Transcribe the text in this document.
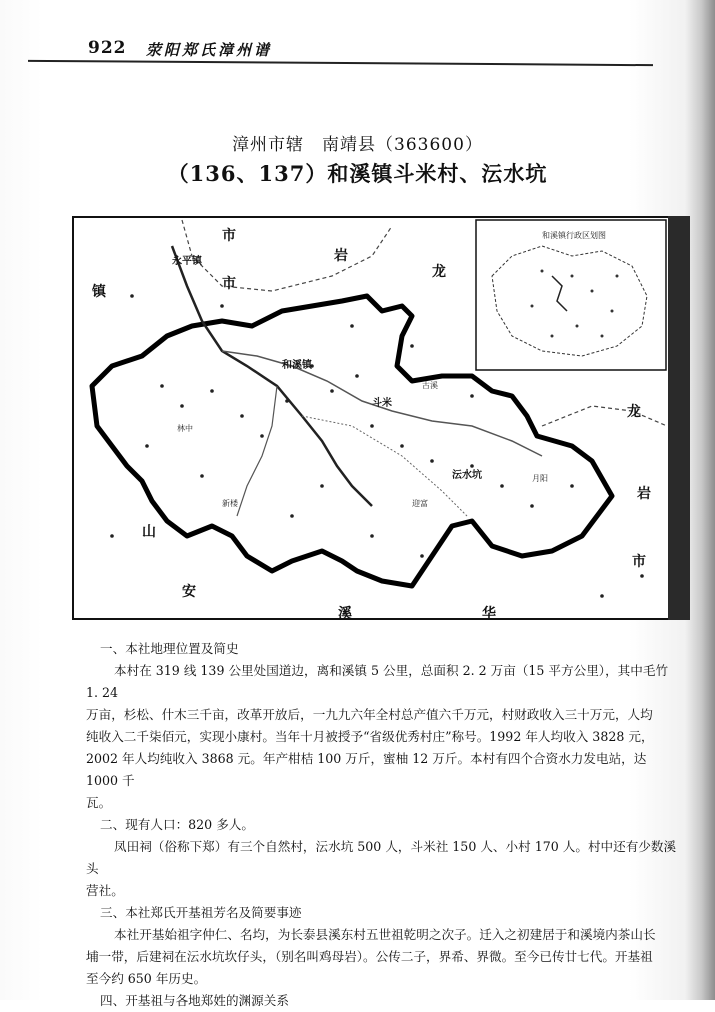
922 荥阳郑氏漳州谱
漳州市辖　南靖县（363600）
（136、137）和溪镇斗米村、沄水坑
和溪镇行政区划图
市
永平镇
镇
山
岩
龙
市
龙
岩
市
安
溪	华
和溪镇
斗米
沄水坑
古溪
林中
月阳
新楼	迎富

一、本社地理位置及简史

本村在 319 线 139 公里处国道边，离和溪镇 5 公里，总面积 2. 2 万亩（15 平方公里），其中毛竹 1. 24

万亩，杉松、什木三千亩，改革开放后，一九九六年全村总产值六千万元，村财政收入三十万元，人均

纯收入二千柒佰元，实现小康村。当年十月被授予“省级优秀村庄”称号。1992 年人均收入 3828 元，

2002 年人均纯收入 3868 元。年产柑桔 100 万斤，蜜柚 12 万斤。本村有四个合资水力发电站，达 1000 千

瓦。

二、现有人口：820 多人。

凤田祠（俗称下郑）有三个自然村，沄水坑 500 人，斗米社 150 人、小村 170 人。村中还有少数溪头

营社。

三、本社郑氏开基祖芳名及简要事迹

本社开基始祖字仲仁、名均，为长泰县溪东村五世祖乾明之次子。迁入之初建居于和溪境内茶山长

埔一带，后建祠在沄水坑坎仔头，（别名叫鸡母岩）。公传二子，界希、界微。至今已传廿七代。开基祖

至今约 650 年历史。

四、开基祖与各地郑姓的渊源关系
